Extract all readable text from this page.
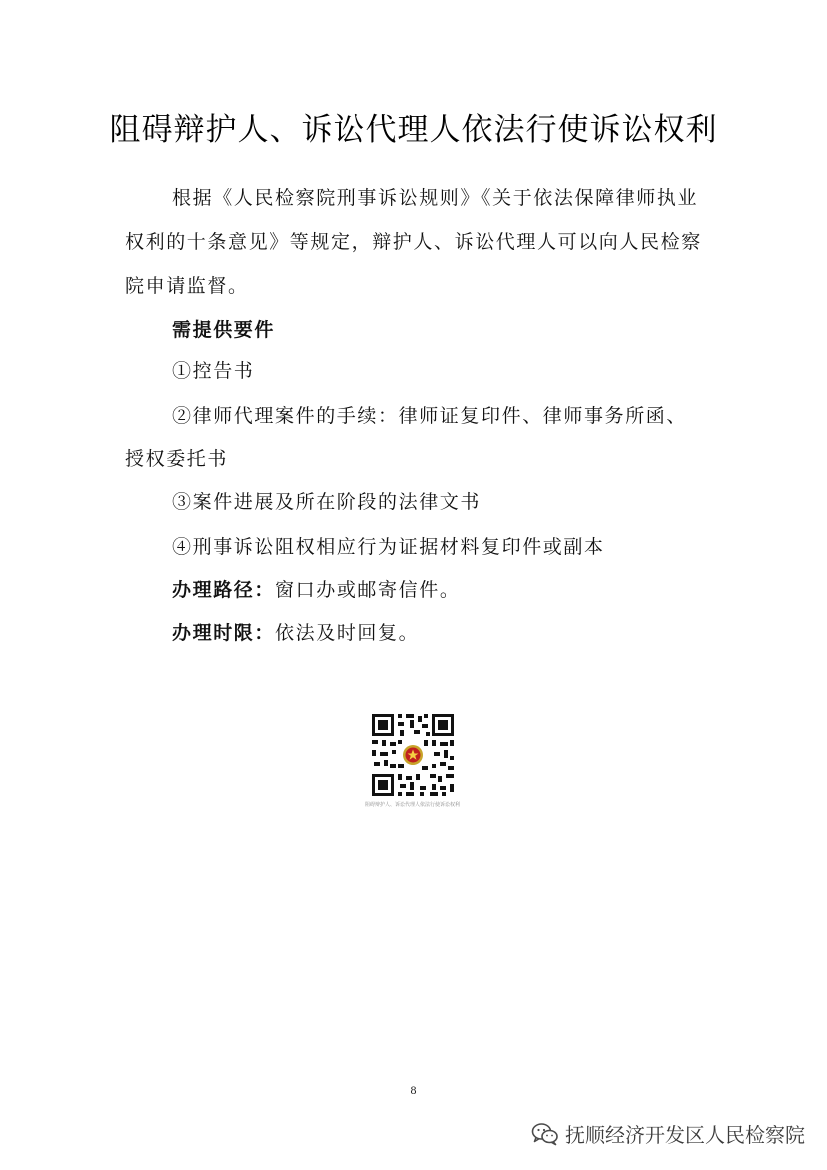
阻碍辩护人、诉讼代理人依法行使诉讼权利
根据《人民检察院刑事诉讼规则》《关于依法保障律师执业权利的十条意见》等规定，辩护人、诉讼代理人可以向人民检察院申请监督。
需提供要件
①控告书
②律师代理案件的手续：律师证复印件、律师事务所函、
授权委托书
③案件进展及所在阶段的法律文书
④刑事诉讼阻权相应行为证据材料复印件或副本
办理路径：窗口办或邮寄信件。
办理时限：依法及时回复。
阻碍辩护人、诉讼代理人依法行使诉讼权利
8
抚顺经济开发区人民检察院
